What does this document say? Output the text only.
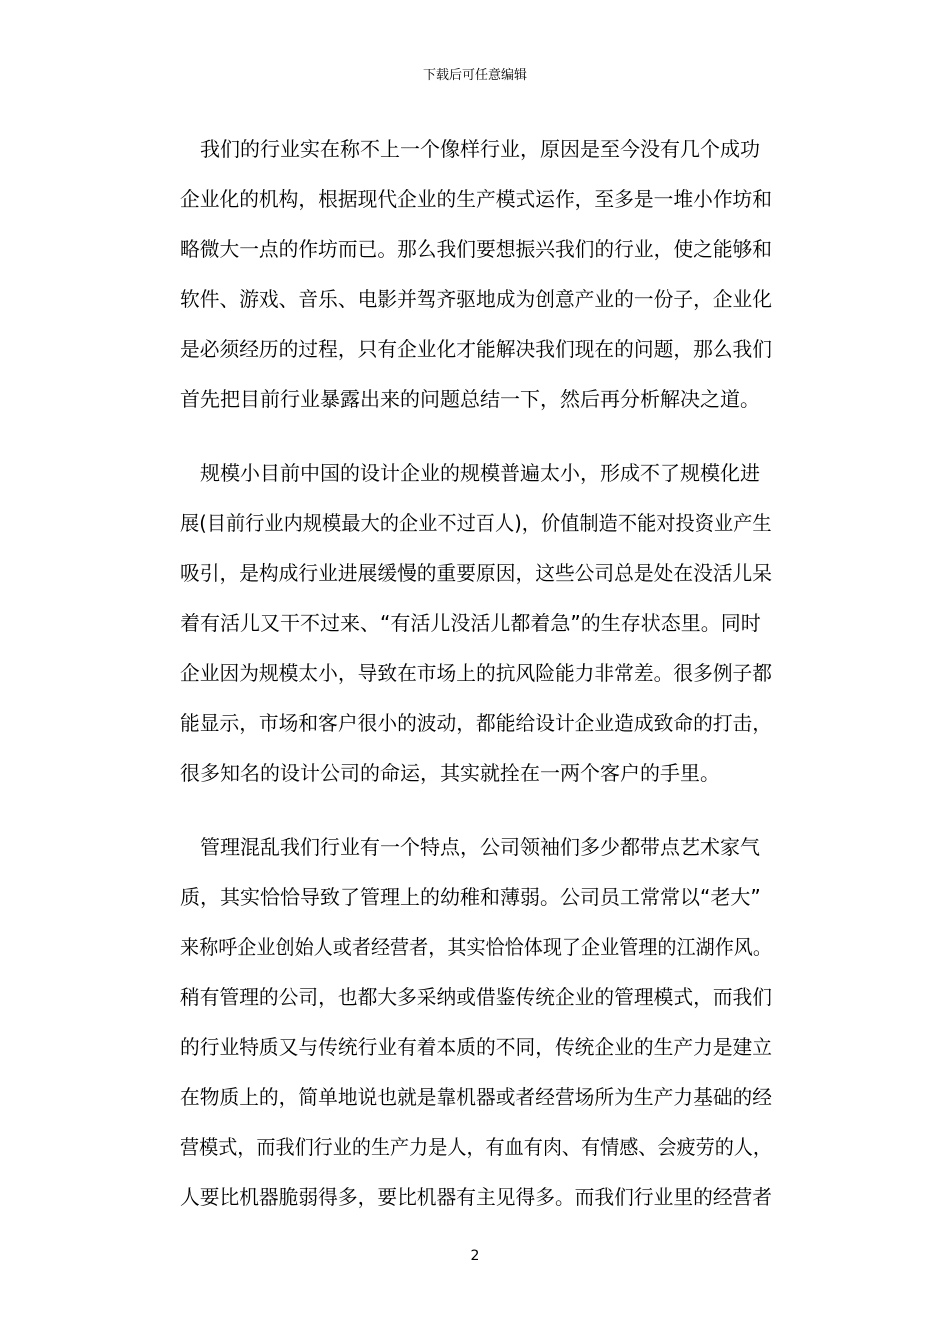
下载后可任意编辑
　我们的行业实在称不上一个像样行业，原因是至今没有几个成功
企业化的机构，根据现代企业的生产模式运作，至多是一堆小作坊和
略微大一点的作坊而已。那么我们要想振兴我们的行业，使之能够和
软件、游戏、音乐、电影并驾齐驱地成为创意产业的一份子，企业化
是必须经历的过程，只有企业化才能解决我们现在的问题，那么我们
首先把目前行业暴露出来的问题总结一下，然后再分析解决之道。
　规模小目前中国的设计企业的规模普遍太小，形成不了规模化进
展(目前行业内规模最大的企业不过百人)，价值制造不能对投资业产生
吸引，是构成行业进展缓慢的重要原因，这些公司总是处在没活儿呆
着有活儿又干不过来、“有活儿没活儿都着急”的生存状态里。同时
企业因为规模太小，导致在市场上的抗风险能力非常差。很多例子都
能显示，市场和客户很小的波动，都能给设计企业造成致命的打击，
很多知名的设计公司的命运，其实就拴在一两个客户的手里。
　管理混乱我们行业有一个特点，公司领袖们多少都带点艺术家气
质，其实恰恰导致了管理上的幼稚和薄弱。公司员工常常以“老大”
来称呼企业创始人或者经营者，其实恰恰体现了企业管理的江湖作风。
稍有管理的公司，也都大多采纳或借鉴传统企业的管理模式，而我们
的行业特质又与传统行业有着本质的不同，传统企业的生产力是建立
在物质上的，简单地说也就是靠机器或者经营场所为生产力基础的经
营模式，而我们行业的生产力是人，有血有肉、有情感、会疲劳的人，
人要比机器脆弱得多，要比机器有主见得多。而我们行业里的经营者
2
